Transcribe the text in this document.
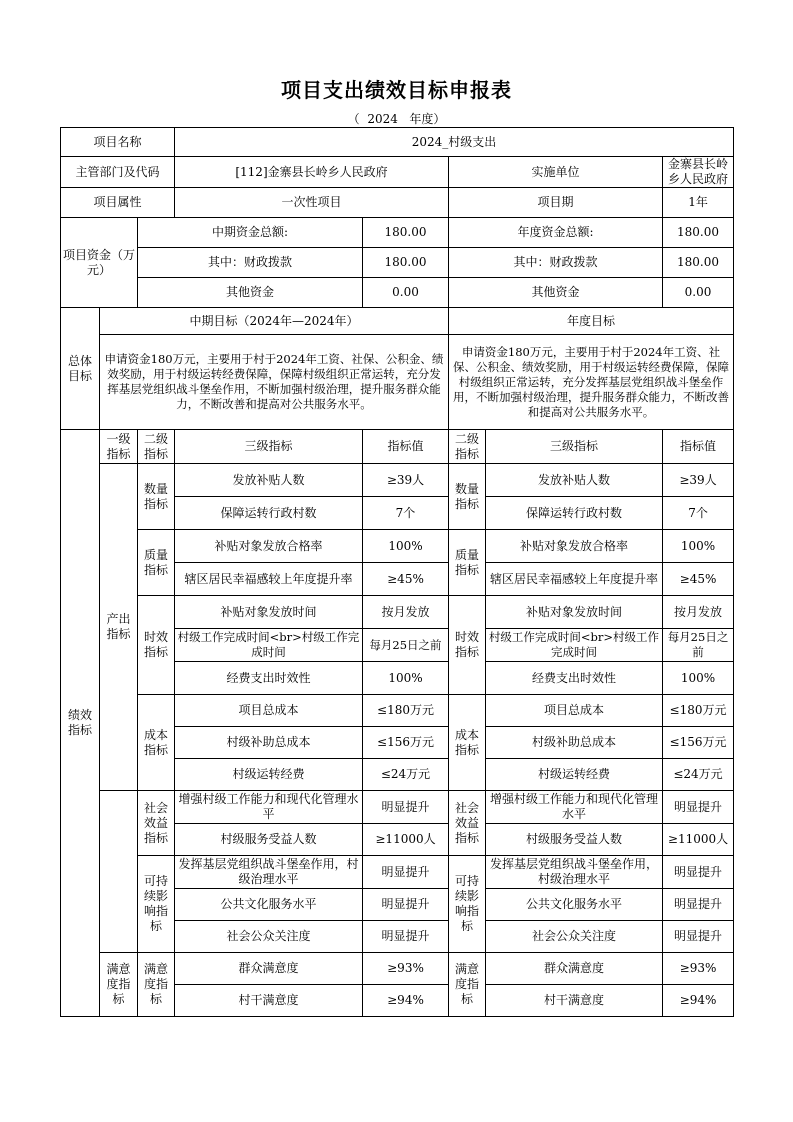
项目支出绩效目标申报表
（ 2024 年度）
项目名称			2024_村级支出				
主管部门及代码			[112]金寨县长岭乡人民政府		实施单位		金寨县长岭乡人民政府
项目属性			一次性项目		项目期		1年
项目资金（万元）		中期资金总额:		180.00	年度资金总额:		180.00
		其中：财政拨款		180.00	其中：财政拨款		180.00
		其他资金		0.00	其他资金		0.00
总体目标	中期目标（2024年—2024年）				年度目标		
	申请资金180万元，主要用于村于2024年工资、社保、公积金、绩效奖励，用于村级运转经费保障，保障村级组织正常运转，充分发挥基层党组织战斗堡垒作用，不断加强村级治理，提升服务群众能力，不断改善和提高对公共服务水平。				申请资金180万元，主要用于村于2024年工资、社保、公积金、绩效奖励，用于村级运转经费保障，保障村级组织正常运转，充分发挥基层党组织战斗堡垒作用，不断加强村级治理，提升服务群众能力，不断改善和提高对公共服务水平。		
绩效指标	一级指标	二级指标	三级指标	指标值	二级指标	三级指标	指标值
	产出指标	数量指标	发放补贴人数	≥39人	数量指标	发放补贴人数	≥39人
			保障运转行政村数	7个		保障运转行政村数	7个
		质量指标	补贴对象发放合格率	100%	质量指标	补贴对象发放合格率	100%
			辖区居民幸福感较上年度提升率	≥45%		辖区居民幸福感较上年度提升率	≥45%
		时效指标	补贴对象发放时间	按月发放	时效指标	补贴对象发放时间	按月发放
			村级工作完成时间<br>村级工作完成时间	每月25日之前		村级工作完成时间<br>村级工作完成时间	每月25日之前
			经费支出时效性	100%		经费支出时效性	100%
		成本指标	项目总成本	≤180万元	成本指标	项目总成本	≤180万元
			村级补助总成本	≤156万元		村级补助总成本	≤156万元
			村级运转经费	≤24万元		村级运转经费	≤24万元
		社会效益指标	增强村级工作能力和现代化管理水平	明显提升	社会效益指标	增强村级工作能力和现代化管理水平	明显提升
			村级服务受益人数	≥11000人		村级服务受益人数	≥11000人
		可持续影响指标	发挥基层党组织战斗堡垒作用，村级治理水平	明显提升	可持续影响指标	发挥基层党组织战斗堡垒作用，村级治理水平	明显提升
			公共文化服务水平	明显提升		公共文化服务水平	明显提升
			社会公众关注度	明显提升		社会公众关注度	明显提升
	满意度指标	满意度指标	群众满意度	≥93%	满意度指标	群众满意度	≥93%
			村干满意度	≥94%		村干满意度	≥94%
